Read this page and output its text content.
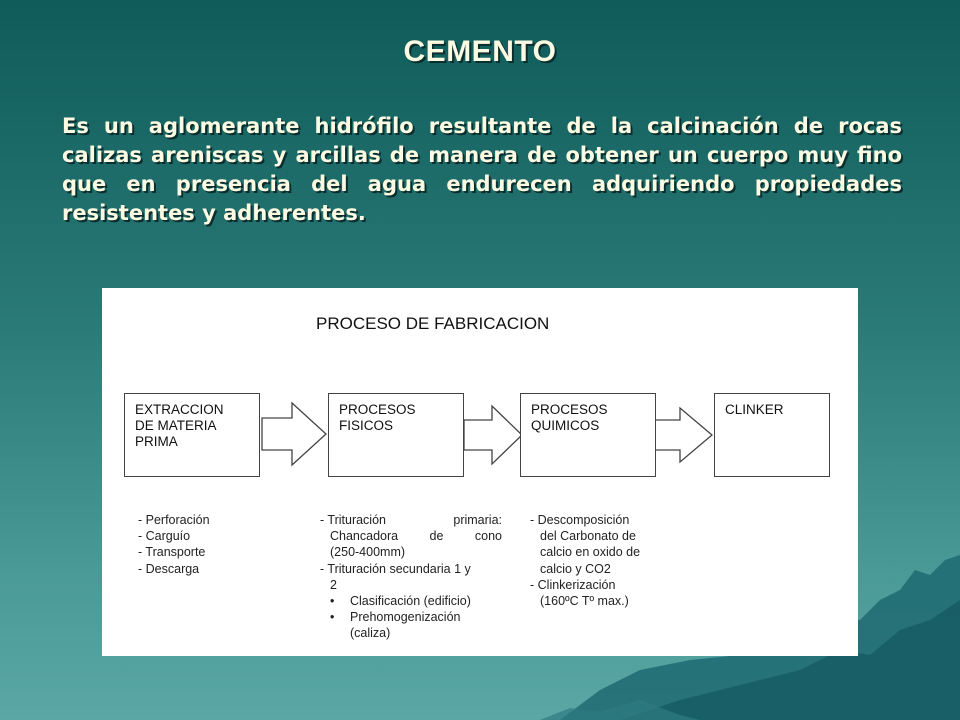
CEMENTO
Es un aglomerante hidrófilo resultante de la calcinación de rocas calizas areniscas y arcillas de manera de obtener un cuerpo muy fino que en presencia del agua endurecen adquiriendo propiedades resistentes y adherentes.
PROCESO DE FABRICACION
EXTRACCION
DE MATERIA
PRIMA
PROCESOS
FISICOS
PROCESOS
QUIMICOS
CLINKER
- Perforación
- Carguío
- Transporte
- Descarga
- Trituración	primaria:
Chancadora	de	cono
(250-400mm)
- Trituración secundaria 1 y
2
• Clasificación (edificio)
• Prehomogenización
(caliza)
- Descomposición
del Carbonato de
calcio en oxido de
calcio y CO2
- Clinkerización
(160ºC Tº max.)
